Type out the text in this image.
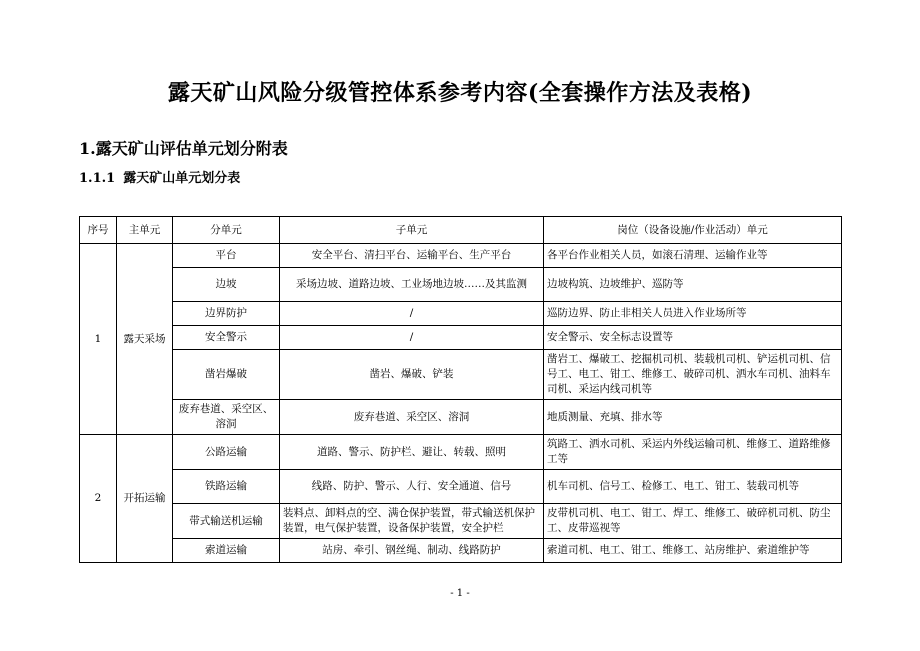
露天矿山风险分级管控体系参考内容(全套操作方法及表格)
1.露天矿山评估单元划分附表
1.1.1 露天矿山单元划分表
序号	主单元	分单元	子单元	岗位（设备设施/作业活动）单元
1	露天采场	平台	安全平台、清扫平台、运输平台、生产平台	各平台作业相关人员，如滚石清理、运输作业等
		边坡	采场边坡、道路边坡、工业场地边坡……及其监测	边坡构筑、边坡维护、巡防等
		边界防护	/	巡防边界、防止非相关人员进入作业场所等
		安全警示	/	安全警示、安全标志设置等
		凿岩爆破	凿岩、爆破、铲装	凿岩工、爆破工、挖掘机司机、装载机司机、铲运机司机、信号工、电工、钳工、维修工、破碎司机、洒水车司机、油料车司机、采运内线司机等
		废弃巷道、采空区、溶洞	废弃巷道、采空区、溶洞	地质测量、充填、排水等
2	开拓运输	公路运输	道路、警示、防护栏、避让、转载、照明	筑路工、洒水司机、采运内外线运输司机、维修工、道路维修工等
		铁路运输	线路、防护、警示、人行、安全通道、信号	机车司机、信号工、检修工、电工、钳工、装载司机等
		带式输送机运输	装料点、卸料点的空、满仓保护装置，带式输送机保护装置，电气保护装置，设备保护装置，安全护栏	皮带机司机、电工、钳工、焊工、维修工、破碎机司机、防尘工、皮带巡视等
		索道运输	站房、牵引、钢丝绳、制动、线路防护	索道司机、电工、钳工、维修工、站房维护、索道维护等
- 1 -
